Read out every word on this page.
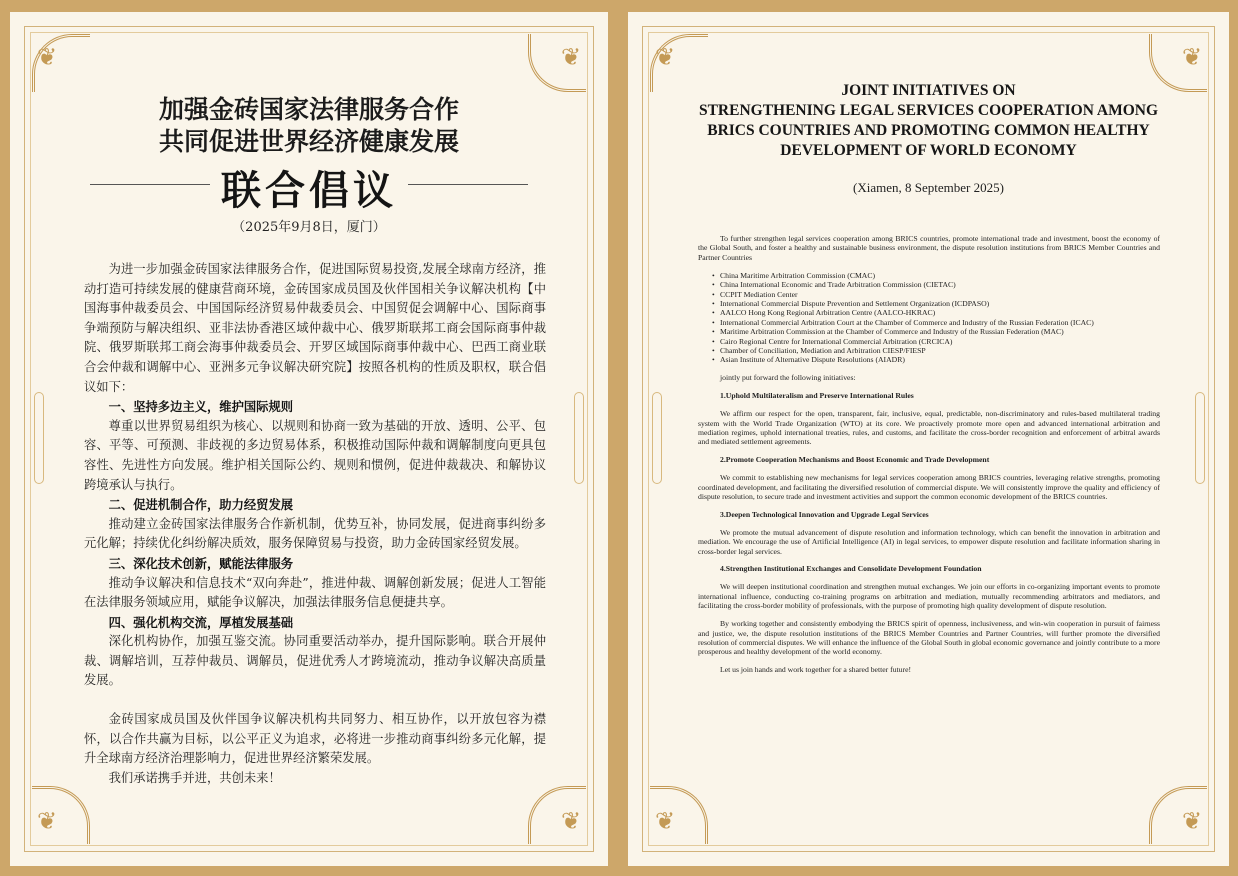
❦
❦
❦	❦
加强金砖国家法律服务合作
共同促进世界经济健康发展
联合倡议
（2025年9月8日，厦门）

为进一步加强金砖国家法律服务合作，促进国际贸易投资,发展全球南方经济，推动打造可持续发展的健康营商环境，金砖国家成员国及伙伴国相关争议解决机构【中国海事仲裁委员会、中国国际经济贸易仲裁委员会、中国贸促会调解中心、国际商事争端预防与解决组织、亚非法协香港区域仲裁中心、俄罗斯联邦工商会国际商事仲裁院、俄罗斯联邦工商会海事仲裁委员会、开罗区域国际商事仲裁中心、巴西工商业联合会仲裁和调解中心、亚洲多元争议解决研究院】按照各机构的性质及职权，联合倡议如下：

一、坚持多边主义，维护国际规则

尊重以世界贸易组织为核心、以规则和协商一致为基础的开放、透明、公平、包容、平等、可预测、非歧视的多边贸易体系，积极推动国际仲裁和调解制度向更具包容性、先进性方向发展。维护相关国际公约、规则和惯例，促进仲裁裁决、和解协议跨境承认与执行。

二、促进机制合作，助力经贸发展

推动建立金砖国家法律服务合作新机制，优势互补，协同发展，促进商事纠纷多元化解；持续优化纠纷解决质效，服务保障贸易与投资，助力金砖国家经贸发展。

三、深化技术创新，赋能法律服务

推动争议解决和信息技术“双向奔赴”，推进仲裁、调解创新发展；促进人工智能在法律服务领域应用，赋能争议解决，加强法律服务信息便捷共享。

四、强化机构交流，厚植发展基础

深化机构协作，加强互鉴交流。协同重要活动举办，提升国际影响。联合开展仲裁、调解培训，互荐仲裁员、调解员，促进优秀人才跨境流动，推动争议解决高质量发展。

金砖国家成员国及伙伴国争议解决机构共同努力、相互协作，以开放包容为襟怀，以合作共赢为目标，以公平正义为追求，必将进一步推动商事纠纷多元化解，提升全球南方经济治理影响力，促进世界经济繁荣发展。

我们承诺携手并进，共创未来！

❦
❦
❦	❦
JOINT INITIATIVES ON
STRENGTHENING LEGAL SERVICES COOPERATION AMONG
BRICS COUNTRIES AND PROMOTING COMMON HEALTHY
DEVELOPMENT OF WORLD ECONOMY
(Xiamen, 8 September 2025)

To further strengthen legal services cooperation among BRICS countries, promote international trade and investment, boost the economy of the Global South, and foster a healthy and sustainable business environment, the dispute resolution institutions from BRICS Member Countries and Partner Countries

• China Maritime Arbitration Commission (CMAC)
• China International Economic and Trade Arbitration Commission (CIETAC)
• CCPIT Mediation Center
• International Commercial Dispute Prevention and Settlement Organization (ICDPASO)
• AALCO Hong Kong Regional Arbitration Centre (AALCO-HKRAC)
• International Commercial Arbitration Court at the Chamber of Commerce and Industry of the Russian Federation (ICAC)
• Maritime Arbitration Commission at the Chamber of Commerce and Industry of the Russian Federation (MAC)
• Cairo Regional Centre for International Commercial Arbitration (CRCICA)
• Chamber of Conciliation, Mediation and Arbitration CIESP/FIESP
• Asian Institute of Alternative Dispute Resolutions (AIADR)

jointly put forward the following initiatives:

1.Uphold Multilateralism and Preserve International Rules

We affirm our respect for the open, transparent, fair, inclusive, equal, predictable, non-discriminatory and rules-based multilateral trading system with the World Trade Organization (WTO) at its core. We proactively promote more open and advanced international arbitration and mediation regimes, uphold international treaties, rules, and customs, and facilitate the cross-border recognition and enforcement of arbitral awards and mediated settlement agreements.

2.Promote Cooperation Mechanisms and Boost Economic and Trade Development

We commit to establishing new mechanisms for legal services cooperation among BRICS countries, leveraging relative strengths, promoting coordinated development, and facilitating the diversified resolution of commercial dispute. We will consistently improve the quality and efficiency of dispute resolution, to secure trade and investment activities and support the common economic development of the BRICS countries.

3.Deepen Technological Innovation and Upgrade Legal Services

We promote the mutual advancement of dispute resolution and information technology, which can benefit the innovation in arbitration and mediation. We encourage the use of Artificial Intelligence (AI) in legal services, to empower dispute resolution and facilitate information sharing in cross-border legal services.

4.Strengthen Institutional Exchanges and Consolidate Development Foundation

We will deepen institutional coordination and strengthen mutual exchanges. We join our efforts in co-organizing important events to promote international influence, conducting co-training programs on arbitration and mediation, mutually recommending arbitrators and mediators, and facilitating the cross-border mobility of professionals, with the purpose of promoting high quality development of dispute resolution.

By working together and consistently embodying the BRICS spirit of openness, inclusiveness, and win-win cooperation in pursuit of fairness and justice, we, the dispute resolution institutions of the BRICS Member Countries and Partner Countries, will further promote the diversified resolution of commercial disputes. We will enhance the influence of the Global South in global economic governance and jointly contribute to a more prosperous and healthy development of the world economy.

Let us join hands and work together for a shared better future!
